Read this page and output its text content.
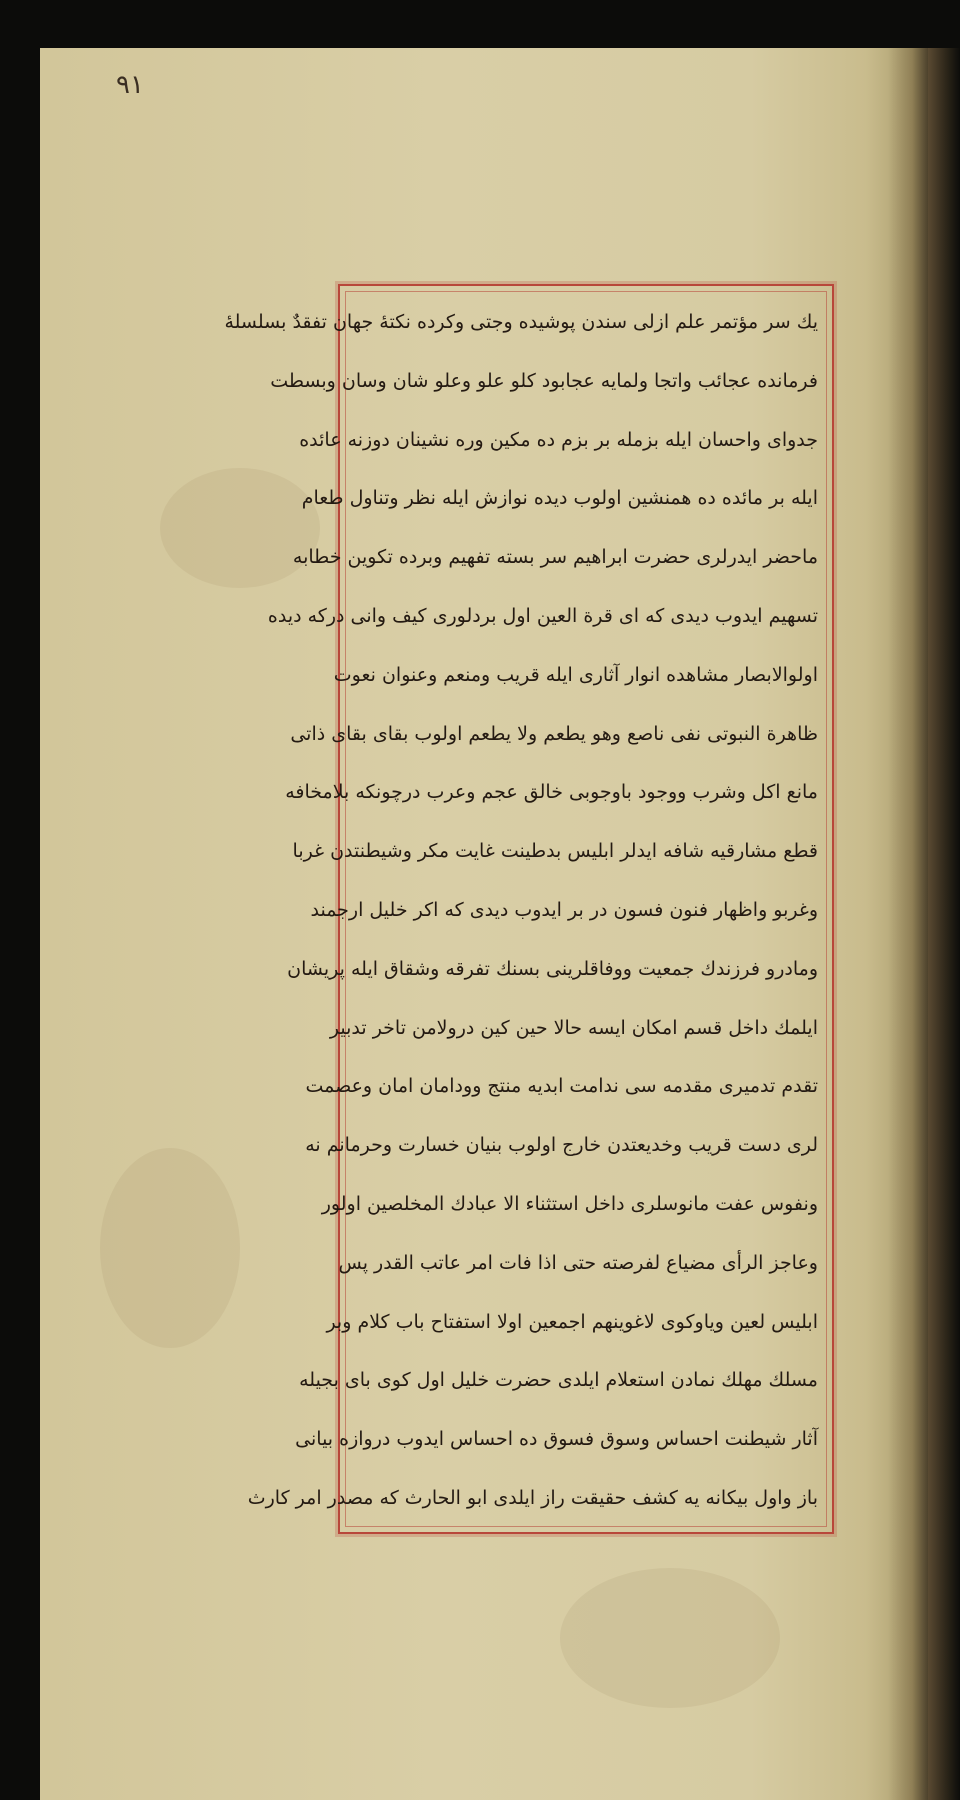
٩١
يك سر مؤتمر علم ازلى سندن پوشيده وجتى وكرده نكتهٔ جهان تفقدٌ بسلسلهٔ
فرمانده عجائب واتجا ولمايه عجابود كلو علو وعلو شان وسان وبسطت
جدوای واحسان ایله بزمله بر بزم ده مكين وره نشينان دوزنه عائده
ایله بر مائده ده همنشين اولوب ديده نوازش ايله نظر وتناول طعام
ماحضر ايدرلری حضرت ابراهيم سر بسته تفهيم وبرده تكوين خطابه
تسهيم ايدوب ديدی كه ای قرة العين اول بردلوری كيف وانى دركه ديده
اولوالابصار مشاهده انوار آثارى ايله قريب ومنعم وعنوان نعوت
ظاهرة النبوتی نفی ناصع وهو يطعم ولا يطعم اولوب بقای بقای ذاتی
مانع اكل وشرب ووجود باوجوبى خالق عجم وعرب درچونكه بلامخافه
قطع مشارقيه شافه ایدلر ابليس بدطينت غايت مكر وشيطنتدن غربا
وغربو واظهار فنون فسون در بر ايدوب ديدى كه اكر خليل ارجمند
ومادرو فرزندك جمعيت ووفاقلرينى بسنك تفرقه وشقاق ايله پريشان
ايلمك داخل قسم امكان ايسه حالا حين كين درولامن تاخر تدبير
تقدم تدميرى مقدمه سی ندامت ابديه منتج وودامان امان وعصمت
لری دست قريب وخديعتدن خارج اولوب بنيان خسارت وحرمانم نه
ونفوس عفت مانوسلری داخل استثناء الا عبادك المخلصين اولور
وعاجز الرأی مضياع لفرصته حتى اذا فات امر عاتب القدر پس
ابليس لعين وياوكوی لاغوينهم اجمعين اولا استفتاح باب كلام وبر
مسلك مهلك نمادن استعلام ايلدی حضرت خليل اول كوی باى بجيله
آثار شيطنت احساس وسوق فسوق ده احساس ايدوب دروازه بيانى
باز واول بيكانه يه كشف حقيقت راز ايلدى ابو الحارث كه مصدر امر كارث
